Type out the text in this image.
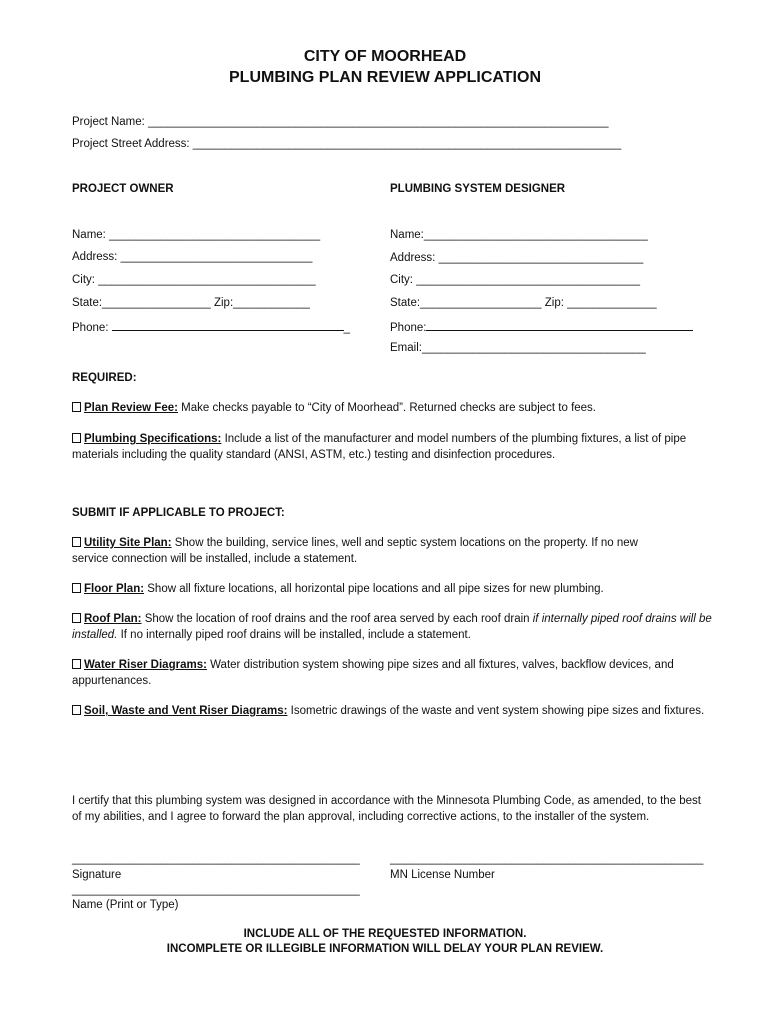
CITY OF MOORHEAD
PLUMBING PLAN REVIEW APPLICATION
Project Name: ________________________________________________________________________
Project Street Address: ___________________________________________________________________
PROJECT OWNER	PLUMBING SYSTEM DESIGNER
Name: _________________________________
Address: ______________________________
City: __________________________________
State:_________________ Zip:____________
Phone:	_
Name:___________________________________
Address: ________________________________
City: ___________________________________
State:___________________ Zip: ______________
Phone:
Email:___________________________________
REQUIRED:
Plan Review Fee: Make checks payable to “City of Moorhead”. Returned checks are subject to fees.
Plumbing Specifications: Include a list of the manufacturer and model numbers of the plumbing fixtures, a list of pipe materials including the quality standard (ANSI, ASTM, etc.) testing and disinfection procedures.
SUBMIT IF APPLICABLE TO PROJECT:
Utility Site Plan: Show the building, service lines, well and septic system locations on the property. If no new service connection will be installed, include a statement.
Floor Plan: Show all fixture locations, all horizontal pipe locations and all pipe sizes for new plumbing.
Roof Plan: Show the location of roof drains and the roof area served by each roof drain if internally piped roof drains will be installed. If no internally piped roof drains will be installed, include a statement.
Water Riser Diagrams: Water distribution system showing pipe sizes and all fixtures, valves, backflow devices, and appurtenances.
Soil, Waste and Vent Riser Diagrams: Isometric drawings of the waste and vent system showing pipe sizes and fixtures.
I certify that this plumbing system was designed in accordance with the Minnesota Plumbing Code, as amended, to the best of my abilities, and I agree to forward the plan approval, including corrective actions, to the installer of the system.
_____________________________________________
Signature
_________________________________________________
MN License Number
_____________________________________________
Name (Print or Type)
INCLUDE ALL OF THE REQUESTED INFORMATION.
INCOMPLETE OR ILLEGIBLE INFORMATION WILL DELAY YOUR PLAN REVIEW.
